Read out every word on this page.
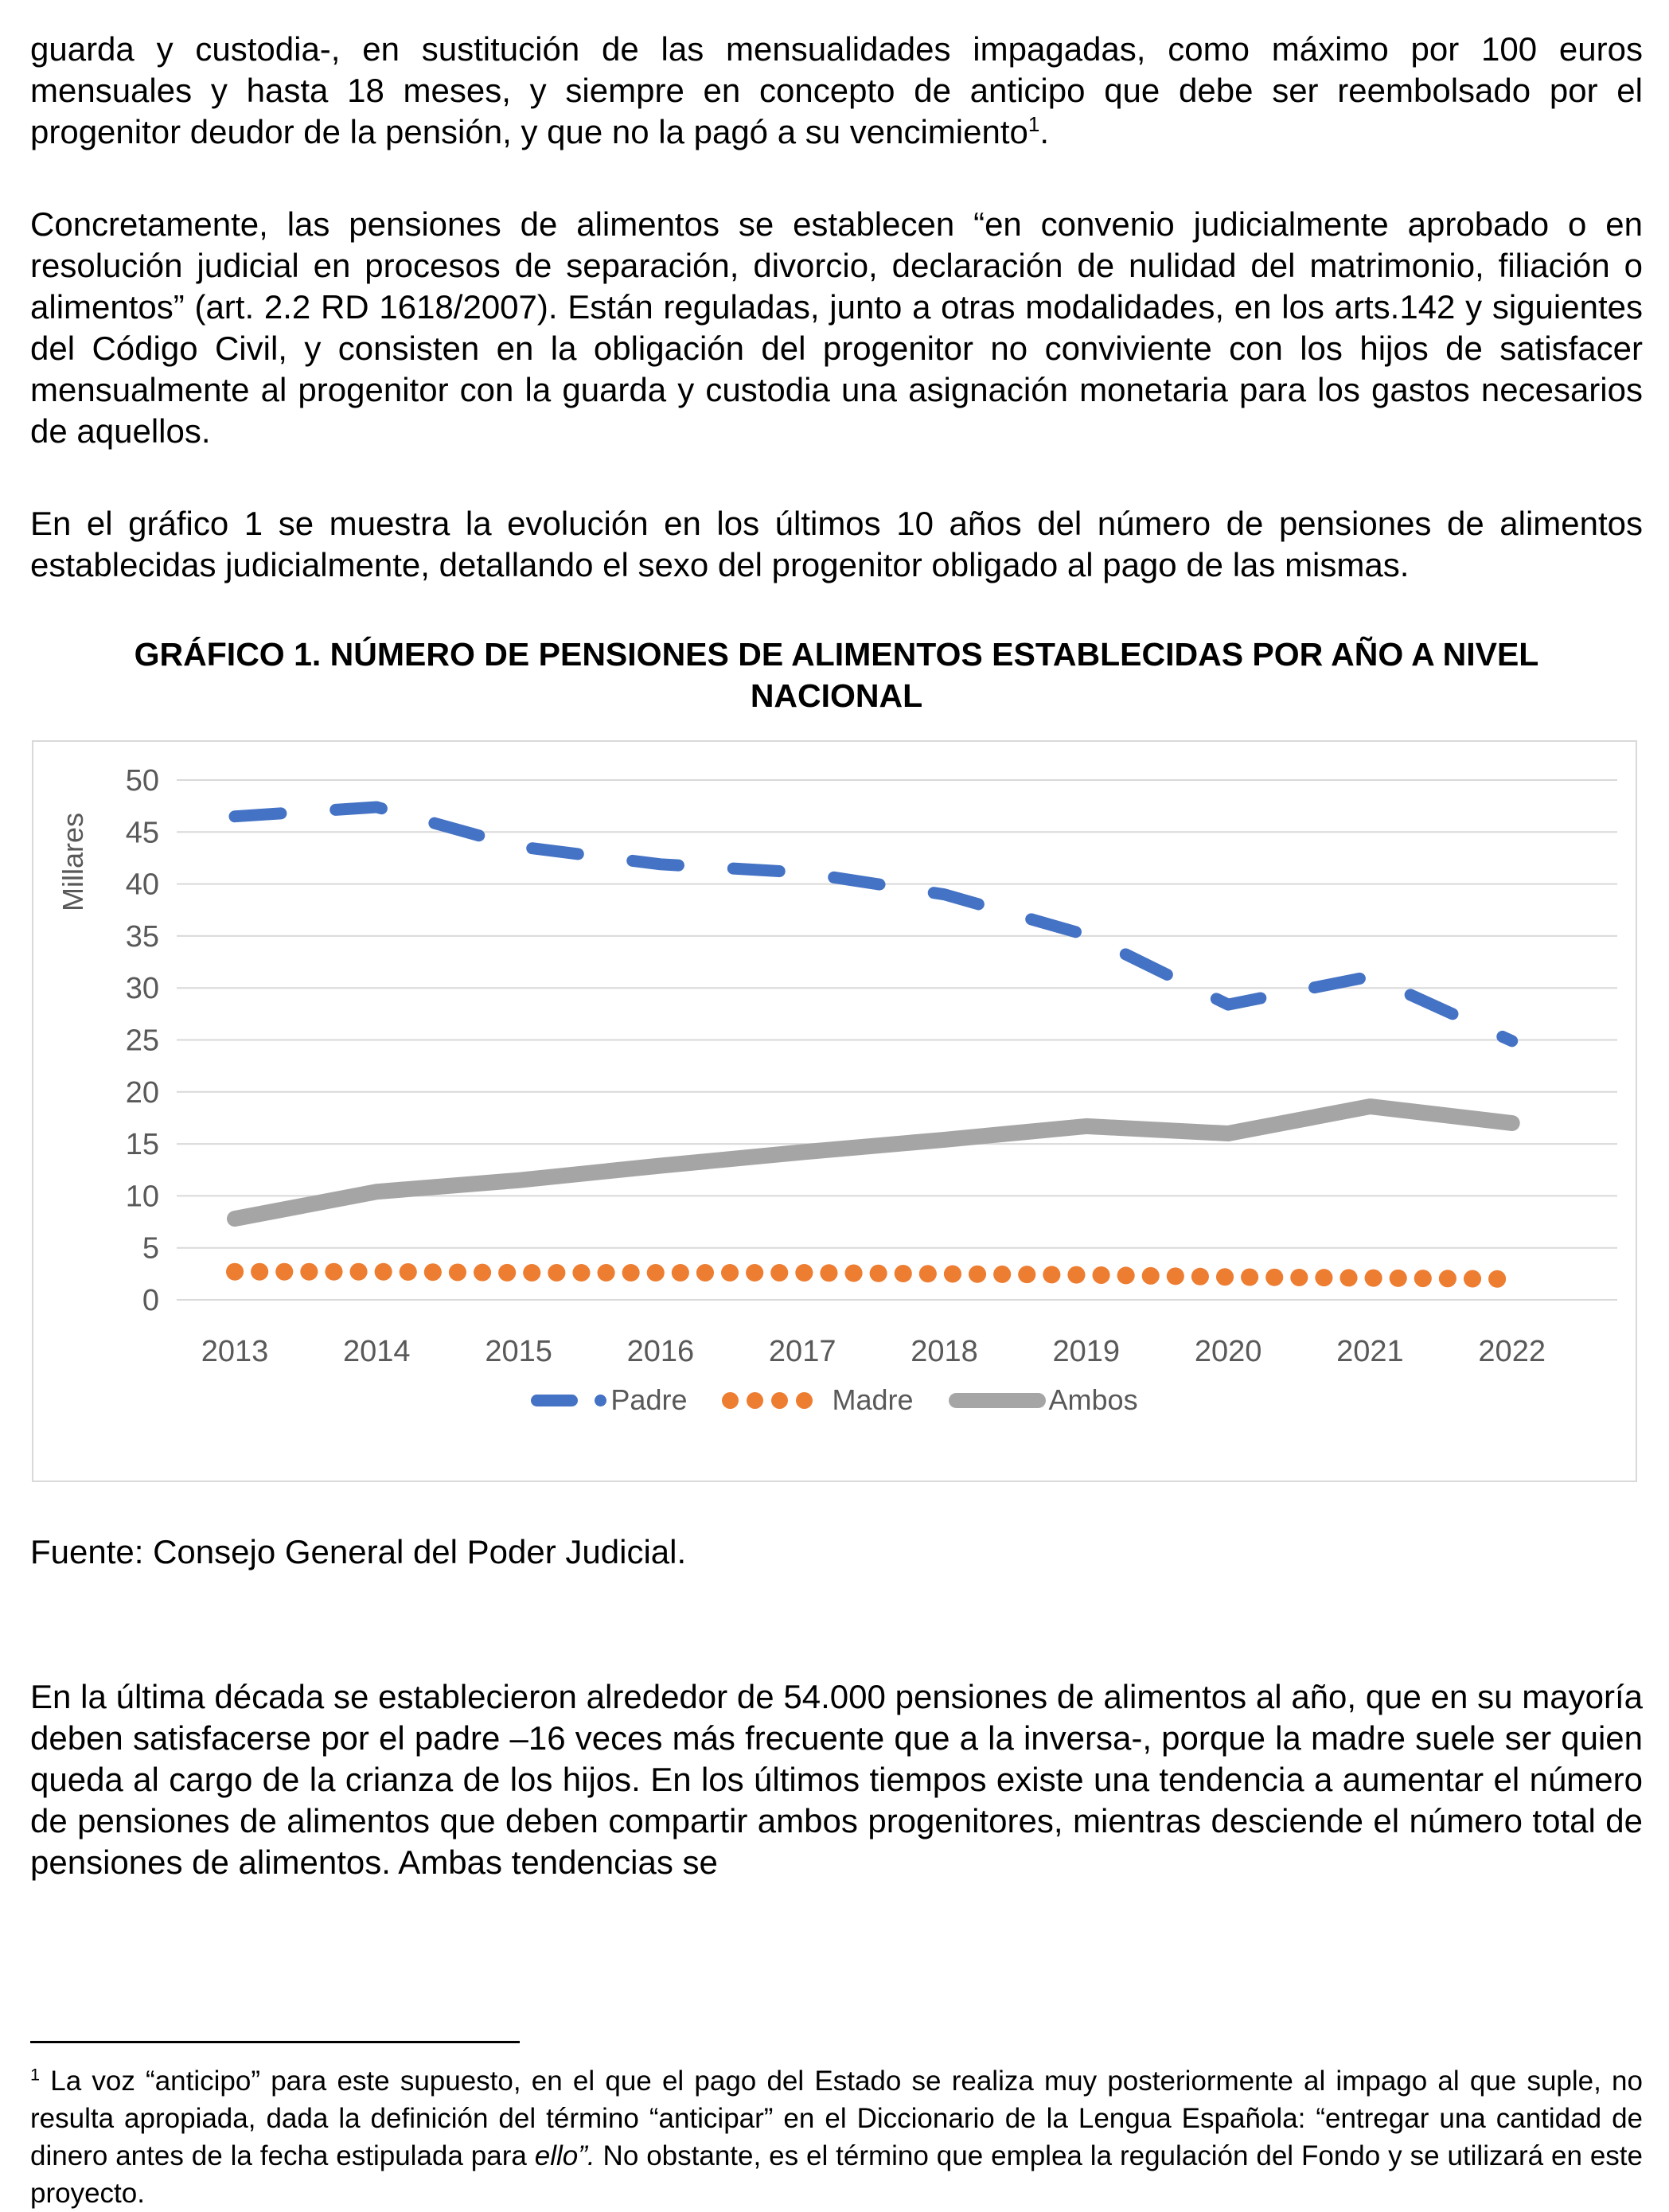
guarda y custodia-, en sustitución de las mensualidades impagadas, como máximo por 100 euros mensuales y hasta 18 meses, y siempre en concepto de anticipo que debe ser reembolsado por el progenitor deudor de la pensión, y que no la pagó a su vencimiento$^1$.

Concretamente, las pensiones de alimentos se establecen “en convenio judicialmente aprobado o en resolución judicial en procesos de separación, divorcio, declaración de nulidad del matrimonio, filiación o alimentos” (art. 2.2 RD 1618/2007). Están reguladas, junto a otras modalidades, en los arts.142 y siguientes del Código Civil, y consisten en la obligación del progenitor no conviviente con los hijos de satisfacer mensualmente al progenitor con la guarda y custodia una asignación monetaria para los gastos necesarios de aquellos.

En el gráfico 1 se muestra la evolución en los últimos 10 años del número de pensiones de alimentos establecidas judicialmente, detallando el sexo del progenitor obligado al pago de las mismas.

GRÁFICO 1. NÚMERO DE PENSIONES DE ALIMENTOS ESTABLECIDAS POR AÑO A NIVEL
NACIONAL
0
5
10
15
20
25
30
35
40
45
50
2013 2014 2015 2016 2017 2018 2019 2020 2021 2022
Millares
Padre	Madre	Ambos

Fuente: Consejo General del Poder Judicial.

En la última década se establecieron alrededor de 54.000 pensiones de alimentos al año, que en su mayoría deben satisfacerse por el padre –16 veces más frecuente que a la inversa-, porque la madre suele ser quien queda al cargo de la crianza de los hijos. En los últimos tiempos existe una tendencia a aumentar el número de pensiones de alimentos que deben compartir ambos progenitores, mientras desciende el número total de pensiones de alimentos. Ambas tendencias se

$^1$ La voz “anticipo” para este supuesto, en el que el pago del Estado se realiza muy posteriormente al impago al que suple, no resulta apropiada, dada la definición del término “anticipar” en el Diccionario de la Lengua Española: “entregar una cantidad de dinero antes de la fecha estipulada para ello”. No obstante, es el término que emplea la regulación del Fondo y se utilizará en este proyecto.
